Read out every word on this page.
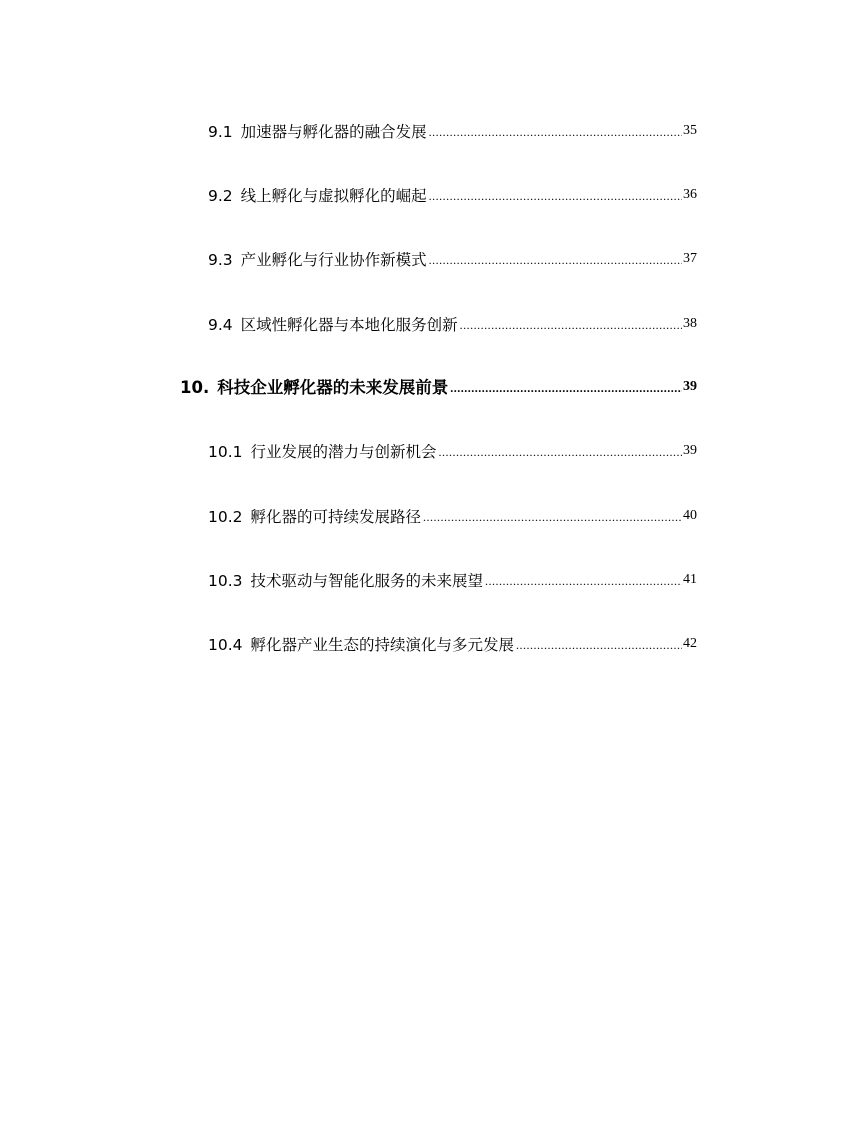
9.1 加速器与孵化器的融合发展 .....	35
9.2 线上孵化与虚拟孵化的崛起 .....	36
9.3 产业孵化与行业协作新模式 .....	37
9.4 区域性孵化器与本地化服务创新 .....	38
10. 科技企业孵化器的未来发展前景 .....	39
10.1 行业发展的潜力与创新机会 .....	39
10.2 孵化器的可持续发展路径 .....	40
10.3 技术驱动与智能化服务的未来展望 .....	41
10.4 孵化器产业生态的持续演化与多元发展 .....	42
